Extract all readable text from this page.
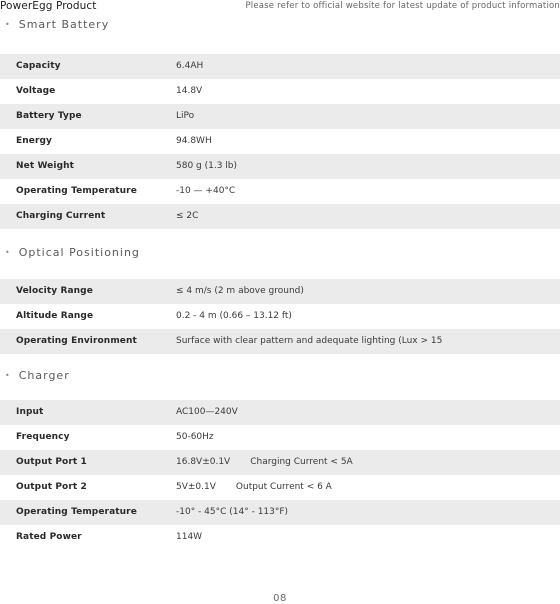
PowerEgg Product	Please refer to official website for latest update of product information
• Smart Battery
Capacity	6.4AH
Voltage	14.8V
Battery Type	LiPo
Energy	94.8WH
Net Weight	580 g (1.3 lb)
Operating Temperature	-10 — +40°C
Charging Current	≤ 2C
• Optical Positioning
Velocity Range	≤ 4 m/s (2 m above ground)
Altitude Range	0.2 - 4 m (0.66 – 13.12 ft)
Operating Environment	Surface with clear pattern and adequate lighting (Lux > 15
• Charger
Input	AC100—240V
Frequency	50-60Hz
Output Port 1	16.8V±0.1V Charging Current < 5A
Output Port 2	5V±0.1V Output Current < 6 A
Operating Temperature	-10° - 45°C (14° - 113°F)
Rated Power	114W
08
